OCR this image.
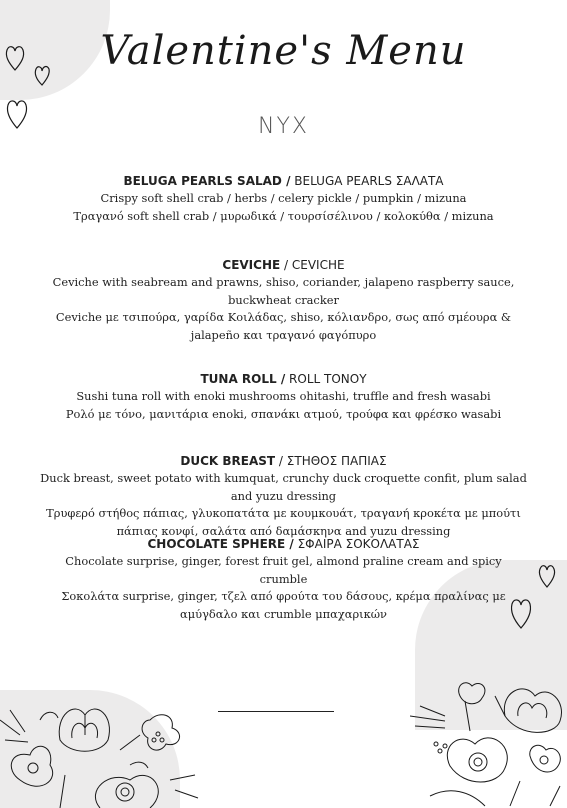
Valentine's Menu
NYX
BELUGA PEARLS SALAD / BELUGA PEARLS ΣΑΛΑΤΑ
Crispy soft shell crab / herbs / celery pickle / pumpkin / mizuna
Τραγανό soft shell crab / μυρωδικά / τουρσίσέλινου / κολοκύθα / mizuna
CEVICHE / CEVICHE
Ceviche with seabream and prawns, shiso, coriander, jalapeno raspberry sauce, buckwheat cracker
Ceviche με τσιπούρα, γαρίδα Κοιλάδας, shiso, κόλιανδρο, σως από σμέουρα & jalapeño και τραγανό φαγόπυρο
TUNA ROLL / ROLL ΤΟΝΟΥ
Sushi tuna roll with enoki mushrooms ohitashi, truffle and fresh wasabi
Ρολό με τόνο, μανιτάρια enoki, σπανάκι ατμού, τρούφα και φρέσκο wasabi
DUCK BREAST / ΣΤΗΘΟΣ ΠΑΠΙΑΣ
Duck breast, sweet potato with kumquat, crunchy duck croquette confit, plum salad and yuzu dressing
Τρυφερό στήθος πάπιας, γλυκοπατάτα με κουμκουάτ, τραγανή κροκέτα με μπούτι πάπιας κονφί, σαλάτα από δαμάσκηνα and yuzu dressing
CHOCOLATE SPHERE / ΣΦΑΙΡΑ ΣΟΚΟΛΑΤΑΣ
Chocolate surprise, ginger, forest fruit gel, almond praline cream and spicy crumble
Σοκολάτα surprise, ginger, τζελ από φρούτα του δάσους, κρέμα πραλίνας με αμύγδαλο και crumble μπαχαρικών
